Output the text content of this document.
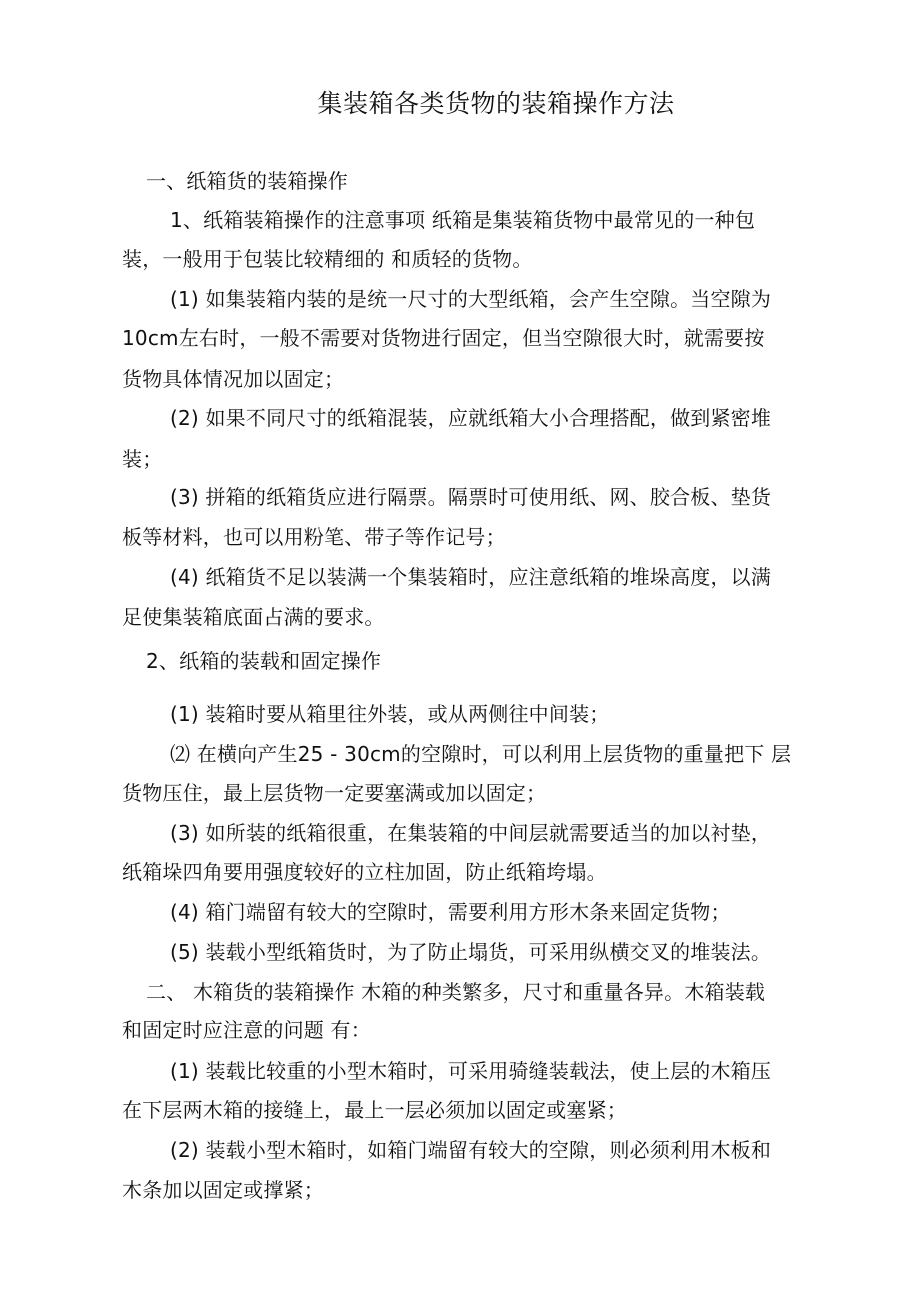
集装箱各类货物的装箱操作方法
一、纸箱货的装箱操作
1、纸箱装箱操作的注意事项 纸箱是集装箱货物中最常见的一种包
装，一般用于包装比较精细的 和质轻的货物。
(1) 如集装箱内装的是统一尺寸的大型纸箱，会产生空隙。当空隙为
10cm左右时，一般不需要对货物进行固定，但当空隙很大时，就需要按
货物具体情况加以固定；
(2) 如果不同尺寸的纸箱混装，应就纸箱大小合理搭配，做到紧密堆
装；
(3) 拼箱的纸箱货应进行隔票。隔票时可使用纸、网、胶合板、垫货
板等材料，也可以用粉笔、带子等作记号；
(4) 纸箱货不足以装满一个集装箱时，应注意纸箱的堆垛高度，以满
足使集装箱底面占满的要求。
2、纸箱的装载和固定操作
(1) 装箱时要从箱里往外装，或从两侧往中间装；
⑵ 在横向产生25 - 30cm的空隙时，可以利用上层货物的重量把下 层
货物压住，最上层货物一定要塞满或加以固定；
(3) 如所装的纸箱很重，在集装箱的中间层就需要适当的加以衬垫，
纸箱垛四角要用强度较好的立柱加固，防止纸箱垮塌。
(4) 箱门端留有较大的空隙时，需要利用方形木条来固定货物；
(5) 装载小型纸箱货时，为了防止塌货，可采用纵横交叉的堆装法。
二、 木箱货的装箱操作 木箱的种类繁多，尺寸和重量各异。木箱装载
和固定时应注意的问题 有：
(1) 装载比较重的小型木箱时，可采用骑缝装载法，使上层的木箱压
在下层两木箱的接缝上，最上一层必须加以固定或塞紧；
(2) 装载小型木箱时，如箱门端留有较大的空隙，则必须利用木板和
木条加以固定或撑紧；
